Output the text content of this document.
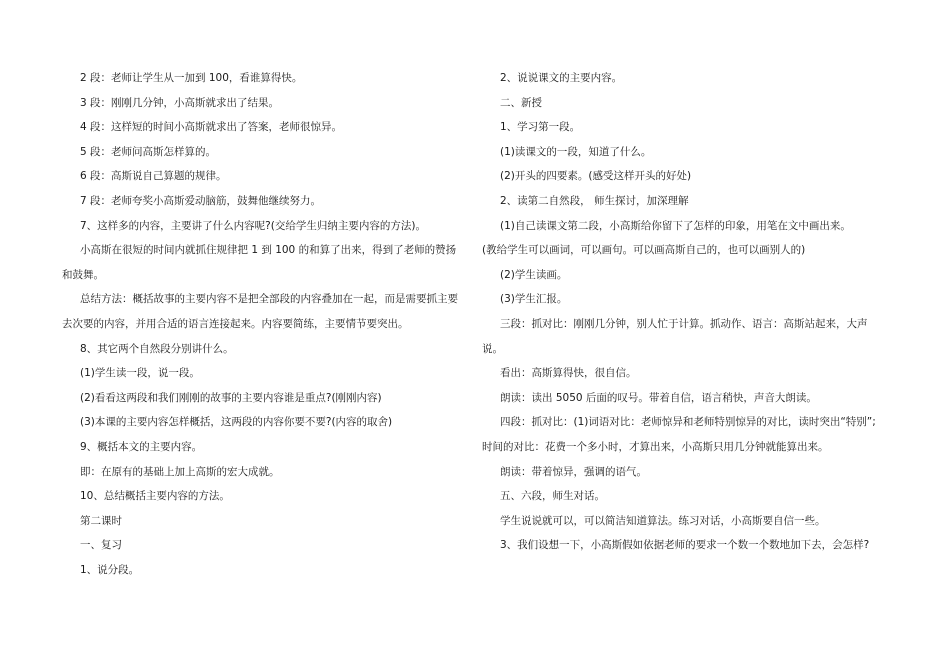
2 段：老师让学生从一加到 100，看谁算得快。

3 段：刚刚几分钟，小高斯就求出了结果。

4 段：这样短的时间小高斯就求出了答案，老师很惊异。

5 段：老师问高斯怎样算的。

6 段：高斯说自己算题的规律。

7 段：老师夸奖小高斯爱动脑筋，鼓舞他继续努力。

7、这样多的内容，主要讲了什么内容呢?(交给学生归纳主要内容的方法)。

小高斯在很短的时间内就抓住规律把 1 到 100 的和算了出来，得到了老师的赞扬和鼓舞。

总结方法：概括故事的主要内容不是把全部段的内容叠加在一起，而是需要抓主要去次要的内容，并用合适的语言连接起来。内容要简练，主要情节要突出。

8、其它两个自然段分别讲什么。

(1)学生读一段，说一段。

(2)看看这两段和我们刚刚的故事的主要内容谁是重点?(刚刚内容)

(3)本课的主要内容怎样概括，这两段的内容你要不要?(内容的取舍)

9、概括本文的主要内容。

即：在原有的基础上加上高斯的宏大成就。

10、总结概括主要内容的方法。

第二课时

一、复习

1、说分段。

2、说说课文的主要内容。

二、新授

1、学习第一段。

(1)读课文的一段，知道了什么。

(2)开头的四要素。(感受这样开头的好处)

2、读第二自然段， 师生探讨，加深理解

(1)自己读课文第二段，小高斯给你留下了怎样的印象，用笔在文中画出来。

(教给学生可以画词，可以画句。可以画高斯自己的，也可以画别人的)

(2)学生读画。

(3)学生汇报。

三段：抓对比：刚刚几分钟，别人忙于计算。抓动作、语言：高斯站起来，大声说。

看出：高斯算得快，很自信。

朗读：读出 5050 后面的叹号。带着自信，语言稍快，声音大朗读。

四段：抓对比：(1)词语对比：老师惊异和老师特别惊异的对比，读时突出“特别”;时间的对比：花费一个多小时，才算出来，小高斯只用几分钟就能算出来。

朗读：带着惊异，强调的语气。

五、六段，师生对话。

学生说说就可以，可以简洁知道算法。练习对话，小高斯要自信一些。

3、我们设想一下，小高斯假如依据老师的要求一个数一个数地加下去，会怎样?
